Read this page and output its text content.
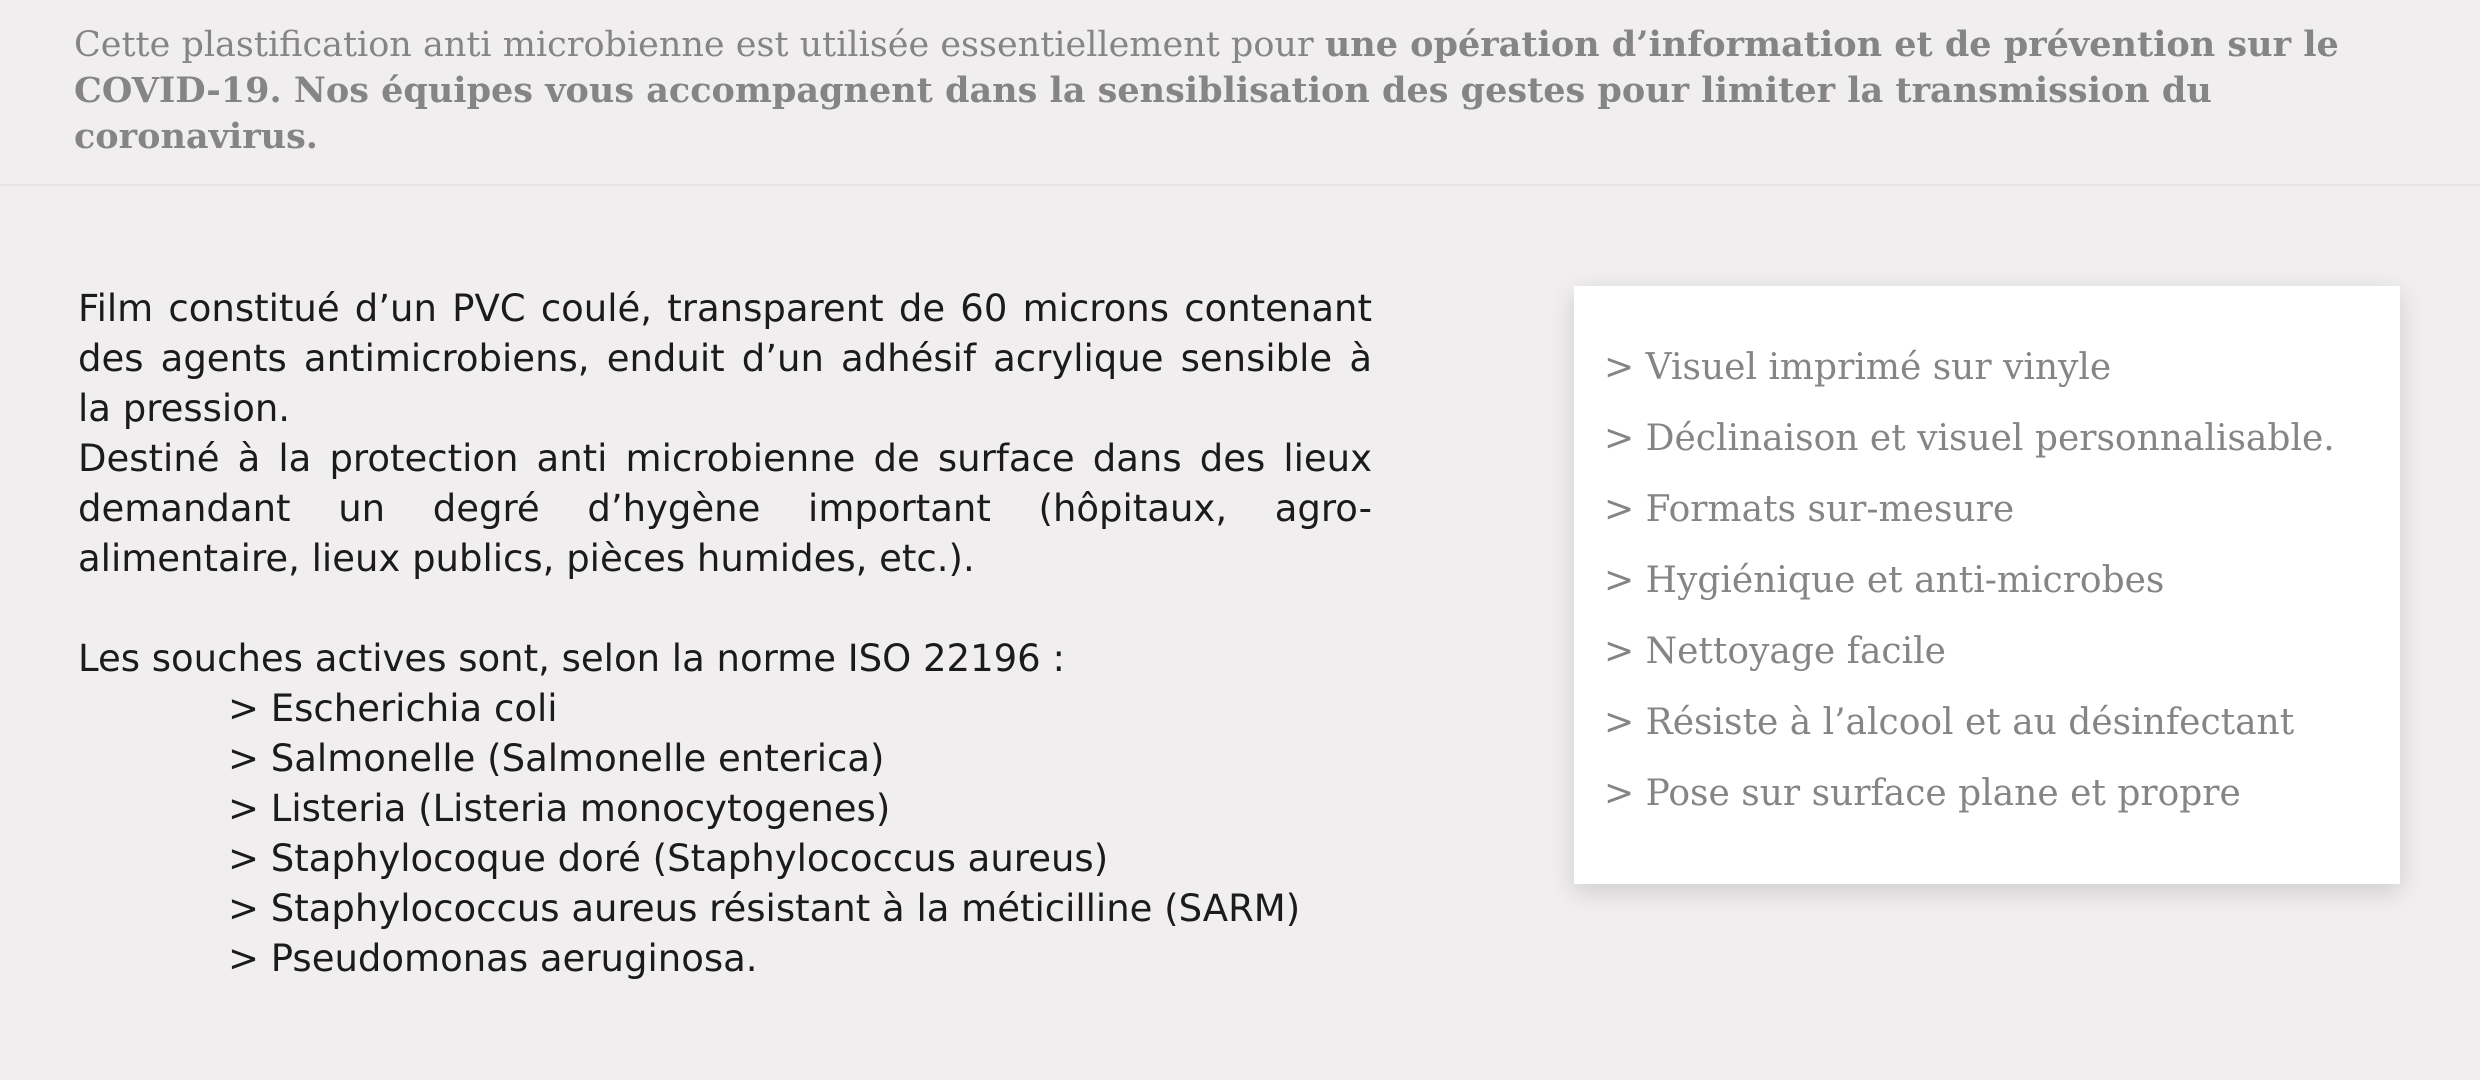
Cette plastification anti microbienne est utilisée essentiellement pour une opération d’information et de prévention sur le COVID-19. Nos équipes vous accompagnent dans la sensiblisation des gestes pour limiter la transmission du coronavirus.

Film constitué d’un PVC coulé, transparent de 60 microns contenant des agents antimicrobiens, enduit d’un adhésif acrylique sensible à la pression.

Destiné à la protection anti microbienne de surface dans des lieux demandant un degré d’hygène important (hôpitaux, agro-alimentaire, lieux publics, pièces humides, etc.).

Les souches actives sont, selon la norme ISO 22196 :

> Escherichia coli
> Salmonelle (Salmonelle enterica)
> Listeria (Listeria monocytogenes)
> Staphylocoque doré (Staphylococcus aureus)
> Staphylococcus aureus résistant à la méticilline (SARM)
> Pseudomonas aeruginosa.
> Visuel imprimé sur vinyle
> Déclinaison et visuel personnalisable.
> Formats sur-mesure
> Hygiénique et anti-microbes
> Nettoyage facile
> Résiste à l’alcool et au désinfectant
> Pose sur surface plane et propre
